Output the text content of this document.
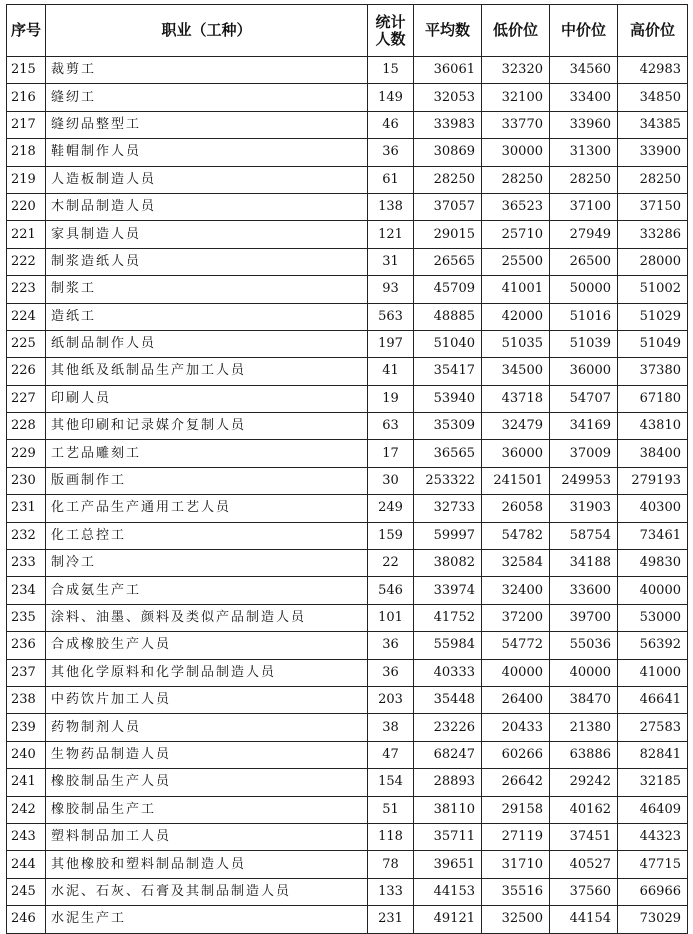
序号	职业（工种）	统计人数	平均数	低价位	中价位	高价位
215	裁剪工	15	36061	32320	34560	42983
216	缝纫工	149	32053	32100	33400	34850
217	缝纫品整型工	46	33983	33770	33960	34385
218	鞋帽制作人员	36	30869	30000	31300	33900
219	人造板制造人员	61	28250	28250	28250	28250
220	木制品制造人员	138	37057	36523	37100	37150
221	家具制造人员	121	29015	25710	27949	33286
222	制浆造纸人员	31	26565	25500	26500	28000
223	制浆工	93	45709	41001	50000	51002
224	造纸工	563	48885	42000	51016	51029
225	纸制品制作人员	197	51040	51035	51039	51049
226	其他纸及纸制品生产加工人员	41	35417	34500	36000	37380
227	印刷人员	19	53940	43718	54707	67180
228	其他印刷和记录媒介复制人员	63	35309	32479	34169	43810
229	工艺品雕刻工	17	36565	36000	37009	38400
230	版画制作工	30	253322	241501	249953	279193
231	化工产品生产通用工艺人员	249	32733	26058	31903	40300
232	化工总控工	159	59997	54782	58754	73461
233	制冷工	22	38082	32584	34188	49830
234	合成氨生产工	546	33974	32400	33600	40000
235	涂料、油墨、颜料及类似产品制造人员	101	41752	37200	39700	53000
236	合成橡胶生产人员	36	55984	54772	55036	56392
237	其他化学原料和化学制品制造人员	36	40333	40000	40000	41000
238	中药饮片加工人员	203	35448	26400	38470	46641
239	药物制剂人员	38	23226	20433	21380	27583
240	生物药品制造人员	47	68247	60266	63886	82841
241	橡胶制品生产人员	154	28893	26642	29242	32185
242	橡胶制品生产工	51	38110	29158	40162	46409
243	塑料制品加工人员	118	35711	27119	37451	44323
244	其他橡胶和塑料制品制造人员	78	39651	31710	40527	47715
245	水泥、石灰、石膏及其制品制造人员	133	44153	35516	37560	66966
246	水泥生产工	231	49121	32500	44154	73029
